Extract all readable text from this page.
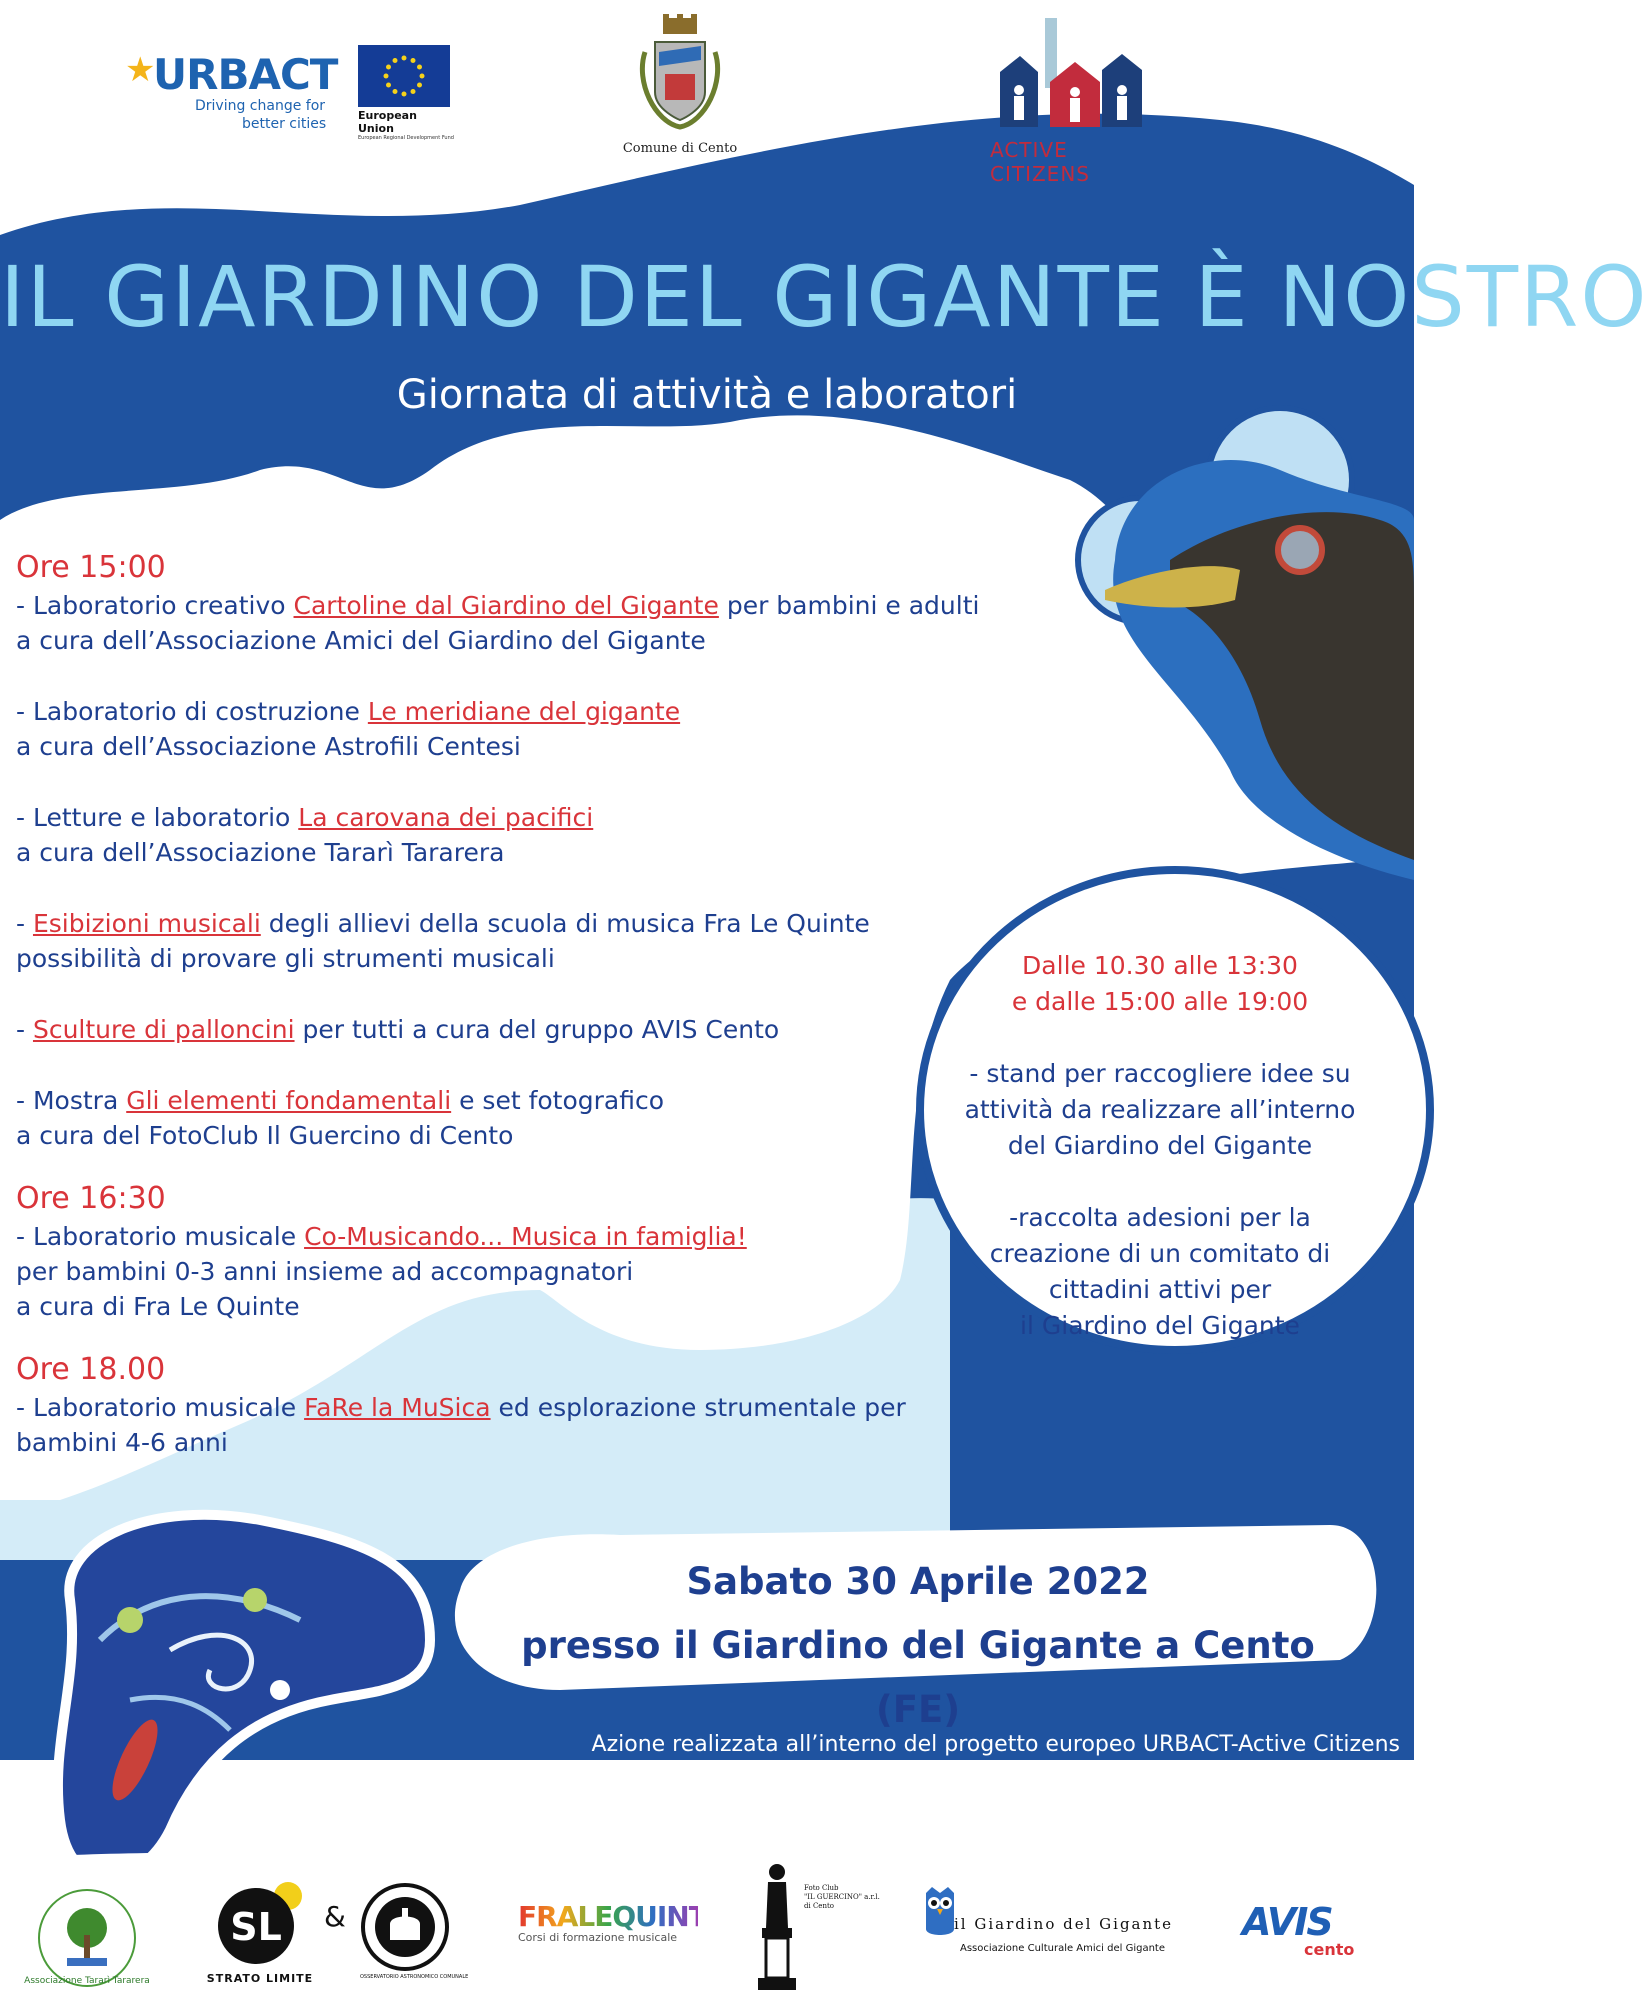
★
URBACT
Driving change for
better cities
European Union
European Regional Development Fund
Comune di Cento	ACTIVE CITIZENS
IL GIARDINO DEL GIGANTE È NOSTRO
Giornata di attività e laboratori
Ore 15:00
- Laboratorio creativo Cartoline dal Giardino del Gigante per bambini e adulti
a cura dell’Associazione Amici del Giardino del Gigante
- Laboratorio di costruzione Le meridiane del gigante
a cura dell’Associazione Astrofili Centesi
- Letture e laboratorio La carovana dei pacifici
a cura dell’Associazione Tararì Tararera
- Esibizioni musicali degli allievi della scuola di musica Fra Le Quinte
possibilità di provare gli strumenti musicali
- Sculture di palloncini per tutti a cura del gruppo AVIS Cento
- Mostra Gli elementi fondamentali e set fotografico
a cura del FotoClub Il Guercino di Cento
Ore 16:30
- Laboratorio musicale Co-Musicando... Musica in famiglia!
per bambini 0-3 anni insieme ad accompagnatori
a cura di Fra Le Quinte
Ore 18.00
- Laboratorio musicale FaRe la MuSica ed esplorazione strumentale per
bambini 4-6 anni
Dalle 10.30 alle 13:30
e dalle 15:00 alle 19:00
- stand per raccogliere idee su
attività da realizzare all’interno
del Giardino del Gigante
-raccolta adesioni per la
creazione di un comitato di
cittadini attivi per
il Giardino del Gigante
Sabato 30 Aprile 2022
presso il Giardino del Gigante a Cento (FE)
Azione realizzata all’interno del progetto europeo URBACT-Active Citizens
Per info: tassinari.a@comune.cento.fe.it
Associazione Tararì Tararera
SL
STRATO LIMITE
&
OSSERVATORIO ASTRONOMICO COMUNALE
FRALEQUINTE
Corsi di formazione musicale
Foto Club
"IL GUERCINO" a.r.l.
di Cento
il Giardino del Gigante
Associazione Culturale Amici del Gigante
AVIS
cento
